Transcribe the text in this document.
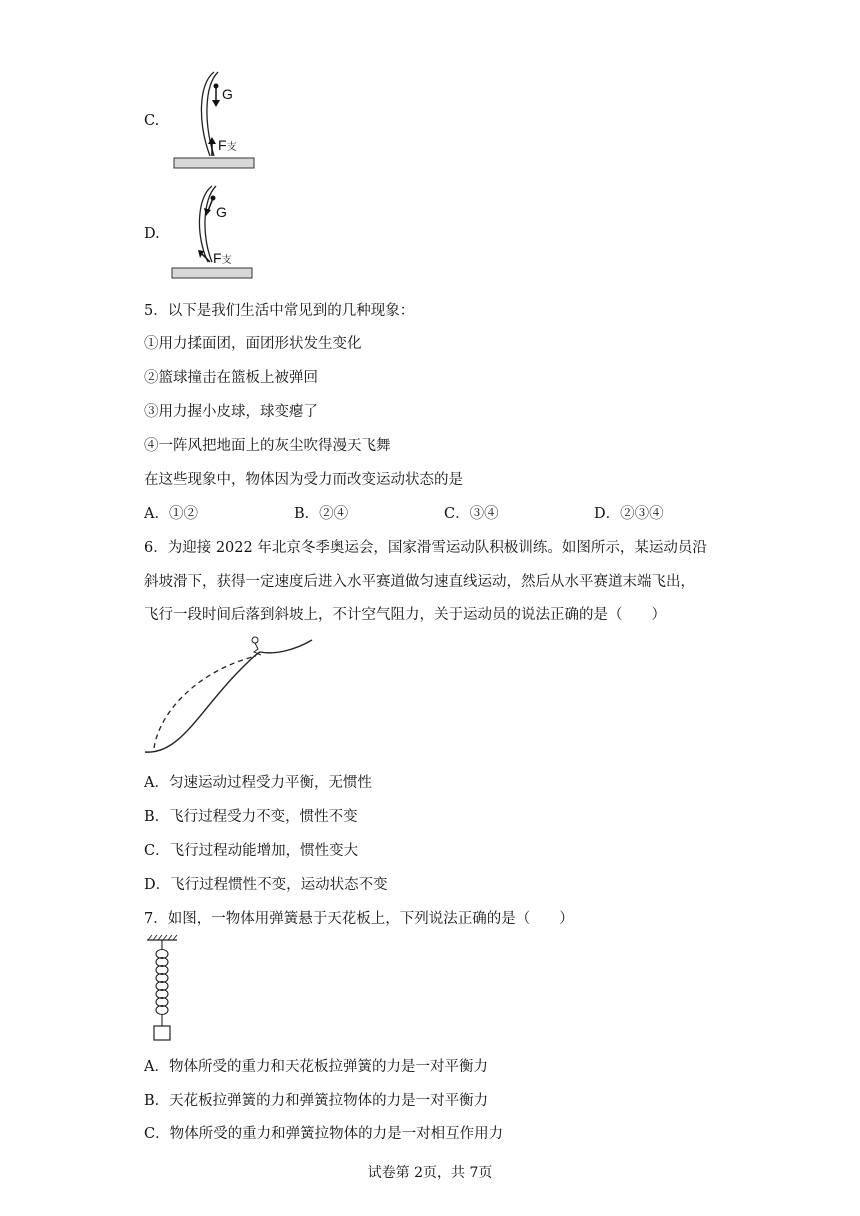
C.
G
F支
D.
G
F支
5．以下是我们生活中常见到的几种现象：
①用力揉面团，面团形状发生变化
②篮球撞击在篮板上被弹回
③用力握小皮球，球变瘪了
④一阵风把地面上的灰尘吹得漫天飞舞
在这些现象中，物体因为受力而改变运动状态的是
A．①②	B．②④	C．③④	D．②③④
6．为迎接 2022 年北京冬季奥运会，国家滑雪运动队积极训练。如图所示，某运动员沿
斜坡滑下，获得一定速度后进入水平赛道做匀速直线运动，然后从水平赛道末端飞出，
飞行一段时间后落到斜坡上，不计空气阻力，关于运动员的说法正确的是（　　）
A．匀速运动过程受力平衡，无惯性
B．飞行过程受力不变，惯性不变
C．飞行过程动能增加，惯性变大
D．飞行过程惯性不变，运动状态不变
7．如图，一物体用弹簧悬于天花板上，下列说法正确的是（　　）
A．物体所受的重力和天花板拉弹簧的力是一对平衡力
B．天花板拉弹簧的力和弹簧拉物体的力是一对平衡力
C．物体所受的重力和弹簧拉物体的力是一对相互作用力
试卷第 2页，共 7页
